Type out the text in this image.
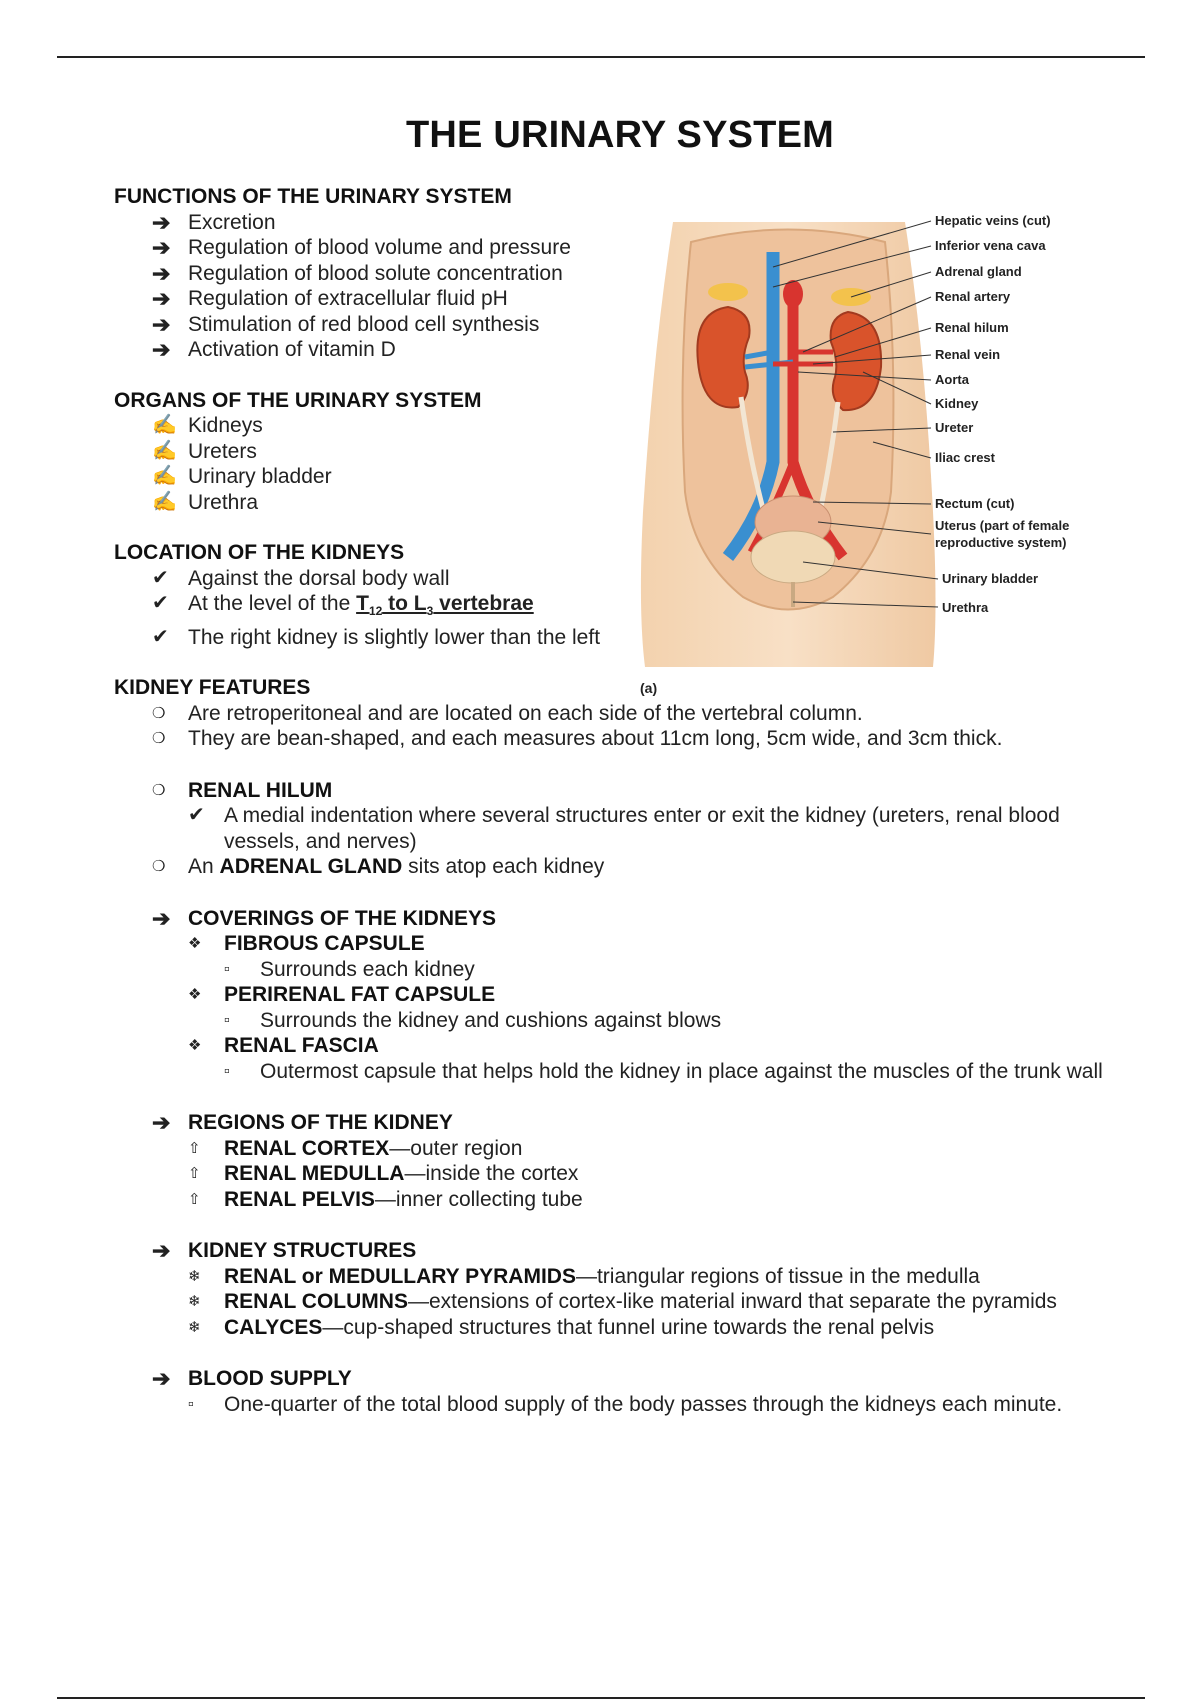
THE URINARY SYSTEM
Hepatic veins (cut)
Inferior vena cava
Adrenal gland
Renal artery
Renal hilum
Renal vein
Aorta
Kidney
Ureter
Iliac crest
Rectum (cut)
Uterus (part of female
reproductive system)
Urinary bladder
Urethra
(a)
FUNCTIONS OF THE URINARY SYSTEM
➔ Excretion
➔ Regulation of blood volume and pressure
➔ Regulation of blood solute concentration
➔ Regulation of extracellular fluid pH
➔ Stimulation of red blood cell synthesis
➔ Activation of vitamin D
ORGANS OF THE URINARY SYSTEM
✍ Kidneys
✍ Ureters
✍ Urinary bladder
✍ Urethra
LOCATION OF THE KIDNEYS
✔ Against the dorsal body wall
✔ At the level of the $T_{12}$ to $L_3$ vertebrae
✔ The right kidney is slightly lower than the left
KIDNEY FEATURES
❍	Are retroperitoneal and are located on each side of the vertebral column.
❍	They are bean-shaped, and each measures about 11cm long, 5cm wide, and 3cm thick.
❍	RENAL HILUM
✔ A medial indentation where several structures enter or exit the kidney (ureters, renal blood vessels, and nerves)
❍	An ADRENAL GLAND sits atop each kidney
➔ COVERINGS OF THE KIDNEYS
❖	FIBROUS CAPSULE
▫	Surrounds each kidney
❖	PERIRENAL FAT CAPSULE
▫	Surrounds the kidney and cushions against blows
❖	RENAL FASCIA
▫	Outermost capsule that helps hold the kidney in place against the muscles of the trunk wall
➔ REGIONS OF THE KIDNEY
⇧	RENAL CORTEX—outer region
⇧	RENAL MEDULLA—inside the cortex
⇧	RENAL PELVIS—inner collecting tube
➔ KIDNEY STRUCTURES
❄	RENAL or MEDULLARY PYRAMIDS—triangular regions of tissue in the medulla
❄	RENAL COLUMNS—extensions of cortex-like material inward that separate the pyramids
❄	CALYCES—cup-shaped structures that funnel urine towards the renal pelvis
➔ BLOOD SUPPLY
▫	One-quarter of the total blood supply of the body passes through the kidneys each minute.
